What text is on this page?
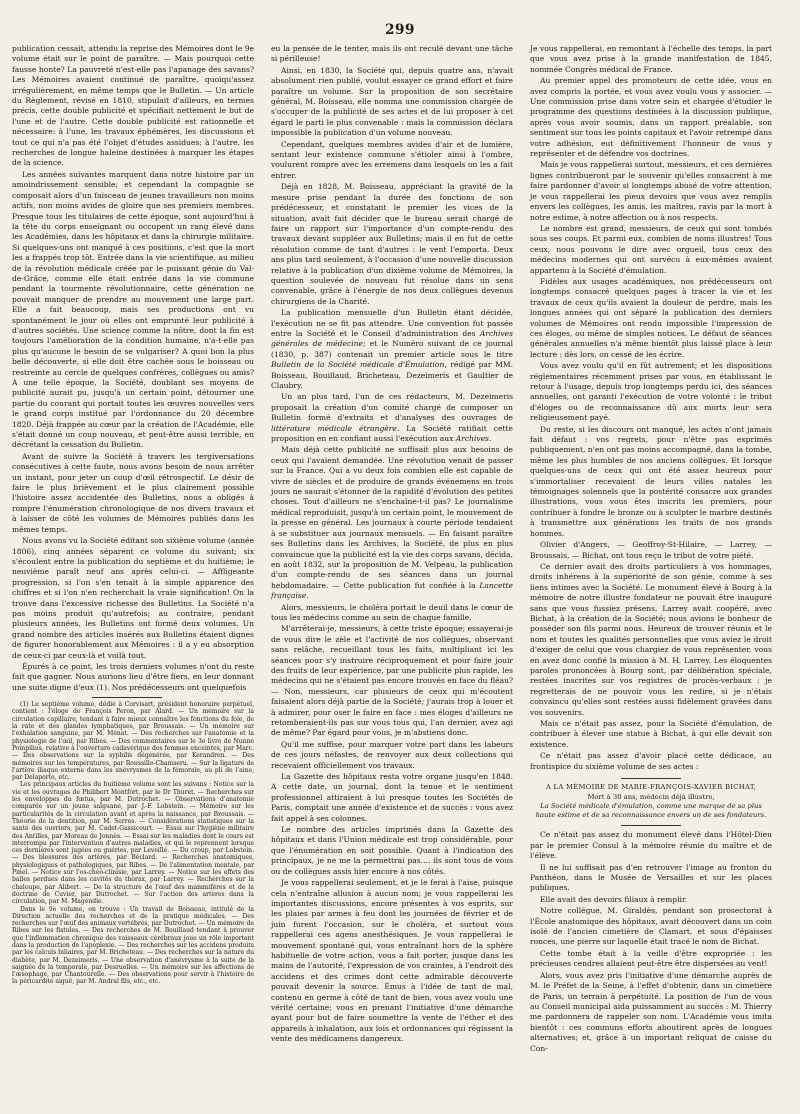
299

publication cessait, attendu la reprise des Mémoires dont le 9e volume était sur le point de paraître. — Mais pourquoi cette fausse honte? La pauvreté n'est-elle pas l'apanage des savans? Les Mémoires avaient continué de paraître, quoiqu'assez irrégulièrement, en même temps que le Bulletin. — Un article du Règlement, révisé en 1810, stipulait d'ailleurs, en termes précis, cette double publicité et spécifiait nettement le but de l'une et de l'autre. Cette double publicité est rationnelle et nécessaire: à l'une, les travaux éphémères, les discussions et tout ce qui n'a pas été l'objet d'études assidues; à l'autre, les recherches de longue haleine destinées à marquer les étapes de la science.

Les années suivantes marquent dans notre histoire par un amoindrissement sensible; et cependant la compagnie se composait alors d'un faisceau de jeunes travailleurs non moins actifs, non moins avides de gloire que ses premiers membres. Presque tous les titulaires de cette époque, sont aujourd'hui à la tête du corps enseignant ou occupent un rang élevé dans les Académies, dans les hôpitaux et dans la chirurgie militaire. Si quelques-uns ont manqué à ces positions, c'est que la mort les a frappés trop tôt. Entrée dans la vie scientifique, au milieu de la révolution médicale créée par le puissant génie du Val-de-Grâce, comme elle était entrée dans la vie commune pendant la tourmente révolutionnaire, cette génération ne pouvait manquer de prendre au mouvement une large part. Elle a fait beaucoup, mais ses productions ont vu spontanément le jour où elles ont emprunté leur publicité à d'autres sociétés. Une science comme la nôtre, dont la fin est toujours l'amélioration de la condition humaine, n'a-t-elle pas plus qu'aucune le besoin de se vulgariser? A quoi bon la plus belle découverte, si elle doit être cachée sous le boisseau ou restreinte au cercle de quelques confrères, collègues ou amis? A une telle époque, la Société, doublant ses moyens de publicité aurait pu, jusqu'à un certain point, détourner une partie du courant qui portait toutes les œuvres nouvelles vers le grand corps institué par l'ordonnance du 20 décembre 1820. Déjà frappée au cœur par la création de l'Académie, elle s'était donné un coup nouveau, et peut-être aussi terrible, en décrétant la cessation du Bulletin.

Avant de suivre la Société à travers les tergiversations consécutives à cette faute, nous avons besoin de nous arrêter un instant, pour jeter un coup d'œil rétrospectif. Le désir de faire le plus brièvement et le plus clairement possible l'histoire assez accidentée des Bulletins, nous a obligés à rompre l'énumération chronologique de nos divers travaux et à laisser de côté les volumes de Mémoires publiés dans les mêmes temps.

Nous avons vu la Société éditant son sixième volume (année 1806), cinq années séparent ce volume du suivant; six s'écoulent entre la publication du septième et du huitième; le neuvième paraît neuf ans après celui-ci. — Affligeante progression, si l'on s'en tenait à la simple apparence des chiffres et si l'on n'en recherchait la vraie signification! On la trouve dans l'excessive richesse des Bulletins. La Société n'a pas moins produit qu'autrefois; au contraire, pendant plusieurs années, les Bulletins ont formé deux volumes. Un grand nombre des articles insérés aux Bulletins étaient dignes de figurer honorablement aux Mémoires : il a y eu absorption de ceux-ci par ceux-là et voilà tout.

Épurés à ce point, les trois derniers volumes n'ont du reste fait que gagner. Nous aurions lieu d'être fiers, en leur donnant une suite digne d'eux (1). Nos prédécesseurs ont quelquefois

(1) Le septième volume, dédié à Corvisart, président honoraire perpétuel, contient : l'éloge de François Peron, par Alard. — Un mémoire sur la circulation capillaire, tendant à faire mieux connaître les fonctions du foie, de la rate et des glandes lymphatiques, par Broussais. — Un mémoire sur l'exhalation sanguine, par M. Ménat. — Des recherches sur l'anatomie et la physiologie de l'œil, par Ribes. — Des commentaires sur le 3e livre de Nunne Pompilius, relative à l'ouverture cadavérique des femmes enceintes, par Marc. — Des observations sur la syphilis dégénérée, par Kerandren. — Des mémoires sur les températures, par Roussille-Chamseru. — Sur la ligature de l'artère iliaque externe dans les anévrysmes de la fémorale, au pli de l'aine, par Delaporte, etc.

Les principaux articles du huitième volume sont les suivans : Notice sur la vie et les ouvrages de Philibert Montfort, par le Dr Thuret. — Recherches sur les enveloppes du fœtus, par M. Dutrochet. — Observations d'anatomie comparée sur un jeune saïguane, par J.-F. Lobstein. — Mémoire sur les particularités de la circulation avant et après la naissance, par Broussais. — Théorie de la dentition, par M. Serres. — Considérations statistiques sur la santé des ouvriers, par M. Cadet-Gassicourt. — Essai sur l'hygiène militaire des Antilles, par Moreau de Jonnès. — Essai sur les maladies dont le cours est interrompu par l'intervention d'autres maladies, et qui le reprennent lorsque ces dernières sont jugées ou guéries, par Leveillé. — Du croup, par Lobstein. — Des blessures des artères, par Béclard. — Recherches anatomiques, physiologiques et pathologiques, par Ribes. — De l'alimentation mentale, par Pinel. — Notice sur l'os-chéo-clinisie, par Larrey. — Notice sur les effets des balles perdues dans les cavités du thorax, par Larrey. — Recherches sur la chaloupe, par Alibert. — De la structure de l'œuf des mammifères et de la doctrine de Cuvier, par Dutrochet. — Sur l'action des artères dans la circulation, par M. Magendie.

Dans le 9e volume, on trouve : Un travail de Boisseau, intitulé de la Direction actuelle des recherches et de la pratique médicales. — Des recherches sur l'œuf des animaux vertébrés, par Dutrochet. — Un mémoire de Ribes sur les fistules. — Des recherches de M. Bouillaud tendant à prouver que l'inflammation chronique des vaisseaux cérébraux joue un rôle important dans la production de l'apoplexie. — Des recherches sur les accidens produits par les calculs biliaires, par M. Bricheteau. — Des recherches sur la nature du diabète, par M. Dezeimeris. — Une observation d'anévrysme à la suite de la saignée de la temporale, par Desruelles. — Un mémoire sur les affections de l'œsophage, par Chantourelle. — Des observations pour servir à l'histoire de la péricardite aiguë, par M. Andral fils, etc., etc.

eu la pensée de le tenter, mais ils ont reculé devant une tâche si périlleuse!

Ainsi, en 1830, la Société qui, depuis quatre ans, n'avait absolument rien publié, voulut essayer ce grand effort et faire paraître un volume. Sur la proposition de son secrétaire général, M. Boisseau, elle nomma une commission chargée de s'occuper de la publicité de ses actes et de lui proposer à cet égard le parti le plus convenable : mais la commission déclara impossible la publication d'un volume nouveau.

Cependant, quelques membres avides d'air et de lumière, sentant leur existence commune s'étioler ainsi à l'ombre, voulurent rompre avec les erremens dans lesquels on les a fait entrer.

Déjà en 1828, M. Boisseau, appréciant la gravité de la mesure prise pendant la durée des fonctions de son prédécesseur, et constatant le premier les vices de la situation, avait fait décider que le bureau serait chargé de faire un rapport sur l'importance d'un compte-rendu des travaux devant suppléer aux Bulletins; mais il en fut de cette résolution comme de tant d'autres : le vent l'emporta. Deux ans plus tard seulement, à l'occasion d'une nouvelle discussion relative à la publication d'un dixième volume de Mémoires, la question soulevée de nouveau fut résolue dans un sens convenable, grâce à l'énergie de nos deux collègues devenus chirurgiens de la Charité.

La publication mensuelle d'un Bulletin étant décidée, l'exécution ne se fit pas attendre. Une convention fut passée entre la Société et le Conseil d'administration des Archives générales de médecine; et le Numéro suivant de ce journal (1830, p. 387) contenait un premier article sous le titre Bulletin de la Société médicale d'Émulation, rédigé par MM. Boisseau, Bouillaud, Bricheteau, Dezeimeris et Gaultier de Claubry.

Un an plus tard, l'un de ces rédacteurs, M. Dezeimeris proposait la création d'un comité chargé de composer un Bulletin formé d'extraits et d'analyses des ouvrages de littérature médicale étrangère. La Société ratifiait cette proposition en en confiant aussi l'exécution aux Archives.

Mais déjà cette publicité ne suffisait plus aux besoins de ceux qui l'avaient demandée. Une révolution venait de passer sur la France. Qui a vu deux fois combien elle est capable de vivre de siècles et de produire de grands événemens en trois jours ne saurait s'étonner de la rapidité d'évolution des petites choses. Tout d'ailleurs ne s'enchaîne-t-il pas? Le journalisme médical reproduisit, jusqu'à un certain point, le mouvement de la presse en général. Les journaux à courte période tendaient à se substituer aux journaux mensuels. — En faisant paraître ses Bulletins dans les Archives, la Société, de plus en plus convaincue que la publicité est la vie des corps savans, décida, en août 1832, sur la proposition de M. Velpeau, la publication d'un compte-rendu de ses séances dans un journal hebdomadaire. — Cette publication fut confiée à la Lancette française.

Alors, messieurs, le choléra portait le deuil dans le cœur de tous les médecins comme au sein de chaque famille.

M'arrêterai-je, messieurs, à cette triste époque; essayerai-je de vous dire le zèle et l'activité de nos collègues, observant sans relâche, recueillant tous les faits, multipliant ici les séances pour s'y instruire réciproquement et pour faire jouir des fruits de leur expérience, par une publicité plus rapide, les médecins qui ne s'étaient pas encore trouvés en face du fléau? — Non, messieurs, car plusieurs de ceux qui m'écoutent faisaient alors déjà partie de la Société; j'aurais trop à louer et à admirer, pour oser le faire en face : mes éloges d'ailleurs ne retomberaient-ils pas sur vous tous qui, l'an dernier, avez agi de même? Par égard pour vous, je m'abstiens donc.

Qu'il me suffise, pour marquer votre part dans les labeurs de ces jours néfastes, de renvoyer aux deux collections qui recevaient officiellement vos travaux.

La Gazette des hôpitaux resta votre organe jusqu'en 1848. A cette date, un journal, dont la tenue et le sentiment professionnel attiraient à lui presque toutes les Sociétés de Paris, comptait une année d'existence et de succès : vous avez fait appel à ses colonnes.

Le nombre des articles imprimés dans la Gazette des hôpitaux et dans l'Union médicale est trop considérable, pour que l'énumération en soit possible. Quant à l'indication des principaux, je ne me la permettrai pas.... ils sont tous de vous ou de collègues assis hier encore à nos côtés.

Je vous rappellerai seulement, et je le ferai à l'aise, puisque cela n'entraîne allusion à aucun nom; je vous rappellerai les importantes discussions, encore présentes à vos esprits, sur les plaies par armes à feu dont les journées de février et de juin furent l'occasion, sur le choléra, et surtout vous rappellerai ces agens anesthésiques. Je vous rappellerai le mouvement spontané qui, vous entraînant hors de la sphère habituelle de votre action, vous a fait porter, jusque dans les mains de l'autorité, l'expression de vos craintes, à l'endroit des accidens et des crimes dont cette admirable découverte pouvait devenir la source. Émus à l'idée de tant de mal, contenu en germe à côté de tant de bien, vous avez voulu une vérité certaine; vous en prenant l'initiative d'une démarche ayant pour but de faire soumettre la vente de l'éther et des appareils à inhalation, aux lois et ordonnances qui régissent la vente des médicamens dangereux.

Je vous rappellerai, en remontant à l'échelle des temps, la part que vous avez prise à la grande manifestation de 1845, nommée Congrès médical de France.

Au premier appel des promoteurs de cette idée, vous en avez compris la portée, et vous avez voulu vous y associer. — Une commission prise dans votre sein et chargée d'étudier le programme des questions destinées à la discussion publique, après vous avoir soumis, dans un rapport préalable, son sentiment sur tous les points capitaux et l'avoir retrempé dans votre adhésion, eut définitivement l'honneur de vous y représenter et de défendre vos doctrines.

Mais je vous rappellerai surtout, messieurs, et ces dernières lignes contribueront par le souvenir qu'elles consacrent à me faire pardonner d'avoir si longtemps abusé de votre attention, je vous rappellerai les pieux devoirs que vous avez remplis envers les collègues, les amis, les maîtres, ravis par la mort à notre estime, à notre affection ou à nos respects.

Le nombre est grand, messieurs, de ceux qui sont tombés sous ses coups. Et parmi eux, combien de noms illustres! Tous ceux, nous pouvons le dire avec orgueil, tous ceux des médecins modernes qui ont survécu à eux-mêmes avaient appartenu à la Société d'émulation.

Fidèles aux usages académiques, nos prédécesseurs ont longtemps consacré quelques pages à tracer la vie et les travaux de ceux qu'ils avaient la douleur de perdre, mais les longues années qui ont séparé la publication des derniers volumes de Mémoires ont rendu impossible l'impression de ces éloges, ou même de simples notices. Le défaut de séances générales annuelles n'a même bientôt plus laissé place à leur lecture : dès lors, on cessé de les écrire.

Vous avez voulu qu'il en fût autrement; et les dispositions réglementaires récemment prises par vous, en établissant le retour à l'usage, depuis trop longtemps perdu ici, des séances annuelles, ont garanti l'exécution de votre volonté : le tribut d'éloges ou de reconnaissance dû aux morts leur sera religieusement payé.

Du reste, si les discours ont manqué, les actes n'ont jamais fait défaut : vos regrets, pour n'être pas exprimés publiquement, n'en ont pas moins accompagné, dans la tombe, même les plus humbles de nos anciens collègues. Et lorsque quelques-uns de ceux qui ont été assez heureux pour s'immortaliser recevaient de leurs villes natales les témoignages solennels que la postérité consacre aux grandes illustrations, vous vous êtes inscrits les premiers, pour contribuer à fondre le bronze ou à sculpter le marbre destinés à transmettre aux générations les traits de nos grands hommes.

Olivier d'Angers, — Geoffroy-St-Hilaire, — Larrey, — Broussais, — Bichat, ont tous reçu le tribut de votre piété.

Ce dernier avait des droits particuliers à vos hommages, droits inhérens à la supériorité de son génie, comme à ses liens intimes avec la Société. Le monument élevé à Bourg à la mémoire de notre illustre fondateur ne pouvait être inauguré sans que vous fussiez présens. Larrey avait coopéré, avec Bichat, à la création de la Société; nous avions le bonheur de posséder son fils parmi nous. Heureux de trouver réunis et le nom et toutes les qualités personnelles que vous aviez le droit d'exiger de celui que vous chargiez de vous représenter, vous en avez donc confié la mission à M. H. Larrey. Les éloquentes paroles prononcées à Bourg sont, par délibération spéciale, restées inscrites sur vos registres de procès-verbaux : je regretterais de ne pouvoir vous les redire, si je n'étais convaincu qu'elles sont restées aussi fidèlement gravées dans vos souvenirs.

Mais ce n'était pas assez, pour la Société d'émulation, de contribuer à élever une statue à Bichat, à qui elle devait son existence.

Ce n'était pas assez d'avoir placé cette dédicace, au frontispice du sixième volume de ses actes :

A LA MÉMOIRE DE MARIE-FRANÇOIS-XAVIER BICHAT,

Mort à 30 ans, médecin déjà illustre,

La Société médicale d'émulation, comme une marque de sa plus haute estime et de sa reconnaissance envers un de ses fondateurs.

Ce n'était pas assez du monument élevé dans l'Hôtel-Dieu par le premier Consul à la mémoire réunie du maître et de l'élève.

Il ne lui suffisait pas d'en retrouver l'image au fronton du Panthéon, dans le Musée de Versailles et sur les places publiques.

Elle avait des devoirs filiaux à remplir.

Notre collègue, M. Giraldès, pendant son prosectorat à l'École anatomique des hôpitaux, avait découvert dans un coin isolé de l'ancien cimetière de Clamart, et sous d'épaisses ronces, une pierre sur laquelle était tracé le nom de Bichat.

Cette tombe était à la veille d'être expropriée : les précieuses cendres allaient peut-être être dispersées au vent!

Alors, vous avez pris l'initiative d'une démarche auprès de M. le Préfet de la Seine, à l'effet d'obtenir, dans un cimetière de Paris, un terrain à perpétuité. La position de l'un de vous au Conseil municipal aida puissamment au succès : M. Thierry me pardonnera de rappeler son nom. L'Académie vous imita bientôt : ces communs efforts aboutirent après de longues alternatives; et, grâce à un important reliquat de caisse du Con-
